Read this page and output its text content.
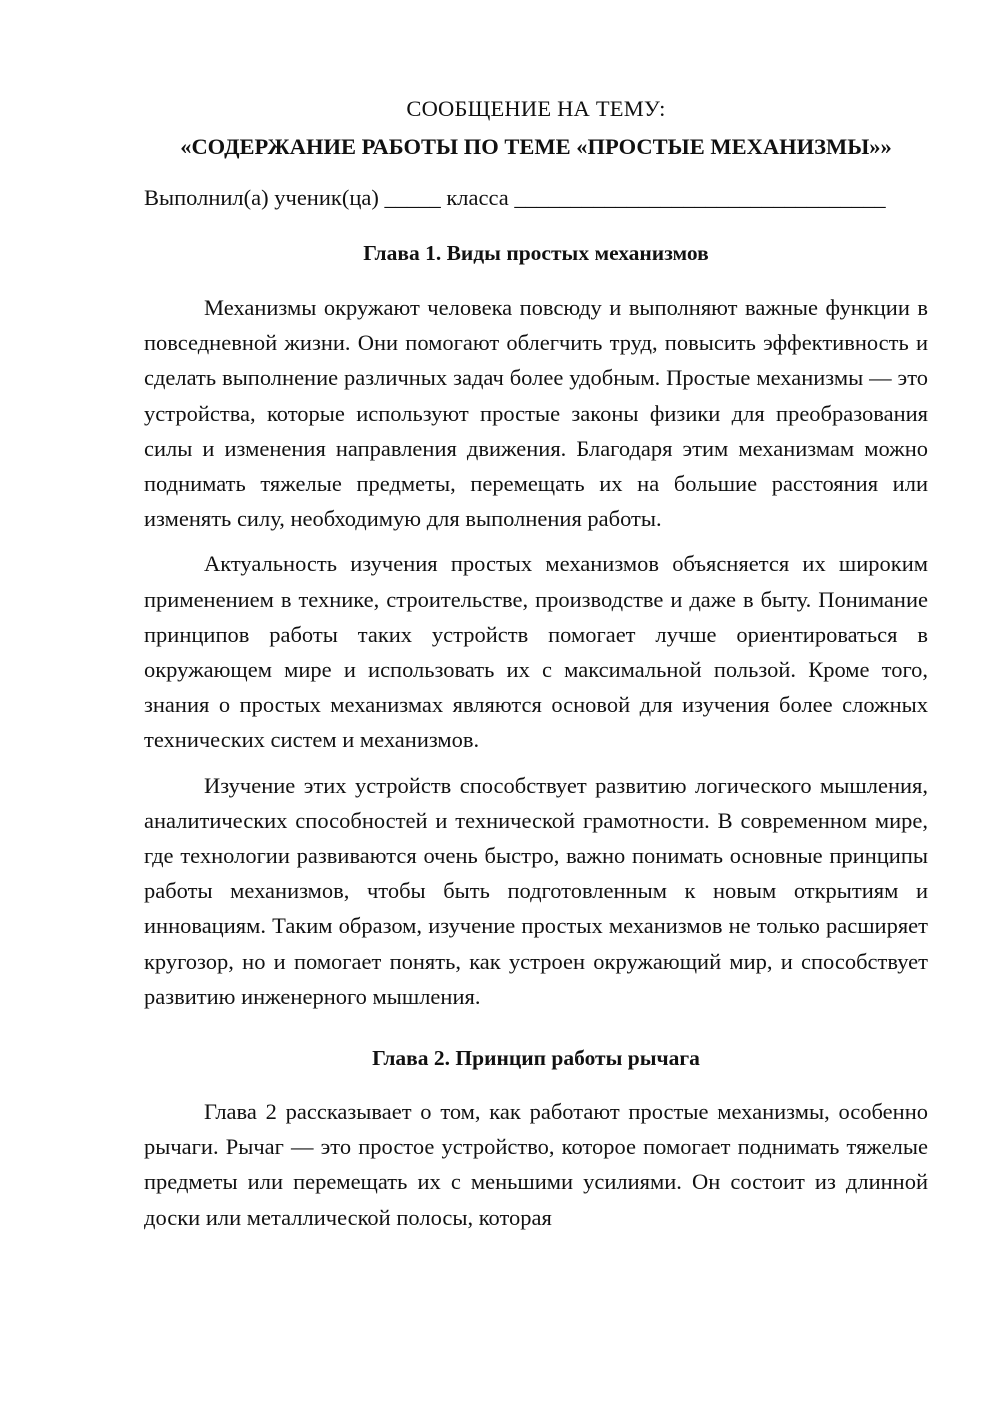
СООБЩЕНИЕ НА ТЕМУ:

«СОДЕРЖАНИЕ РАБОТЫ ПО ТЕМЕ «ПРОСТЫЕ МЕХАНИЗМЫ»»

Выполнил(а) ученик(ца) _____ класса _________________________________

Глава 1. Виды простых механизмов

Механизмы окружают человека повсюду и выполняют важные функции в повседневной жизни. Они помогают облегчить труд, повысить эффективность и сделать выполнение различных задач более удобным. Простые механизмы — это устройства, которые используют простые законы физики для преобразования силы и изменения направления движения. Благодаря этим механизмам можно поднимать тяжелые предметы, перемещать их на большие расстояния или изменять силу, необходимую для выполнения работы.

Актуальность изучения простых механизмов объясняется их широким применением в технике, строительстве, производстве и даже в быту. Понимание принципов работы таких устройств помогает лучше ориентироваться в окружающем мире и использовать их с максимальной пользой. Кроме того, знания о простых механизмах являются основой для изучения более сложных технических систем и механизмов.

Изучение этих устройств способствует развитию логического мышления, аналитических способностей и технической грамотности. В современном мире, где технологии развиваются очень быстро, важно понимать основные принципы работы механизмов, чтобы быть подготовленным к новым открытиям и инновациям. Таким образом, изучение простых механизмов не только расширяет кругозор, но и помогает понять, как устроен окружающий мир, и способствует развитию инженерного мышления.

Глава 2. Принцип работы рычага

Глава 2 рассказывает о том, как работают простые механизмы, особенно рычаги. Рычаг — это простое устройство, которое помогает поднимать тяжелые предметы или перемещать их с меньшими усилиями. Он состоит из длинной доски или металлической полосы, которая
